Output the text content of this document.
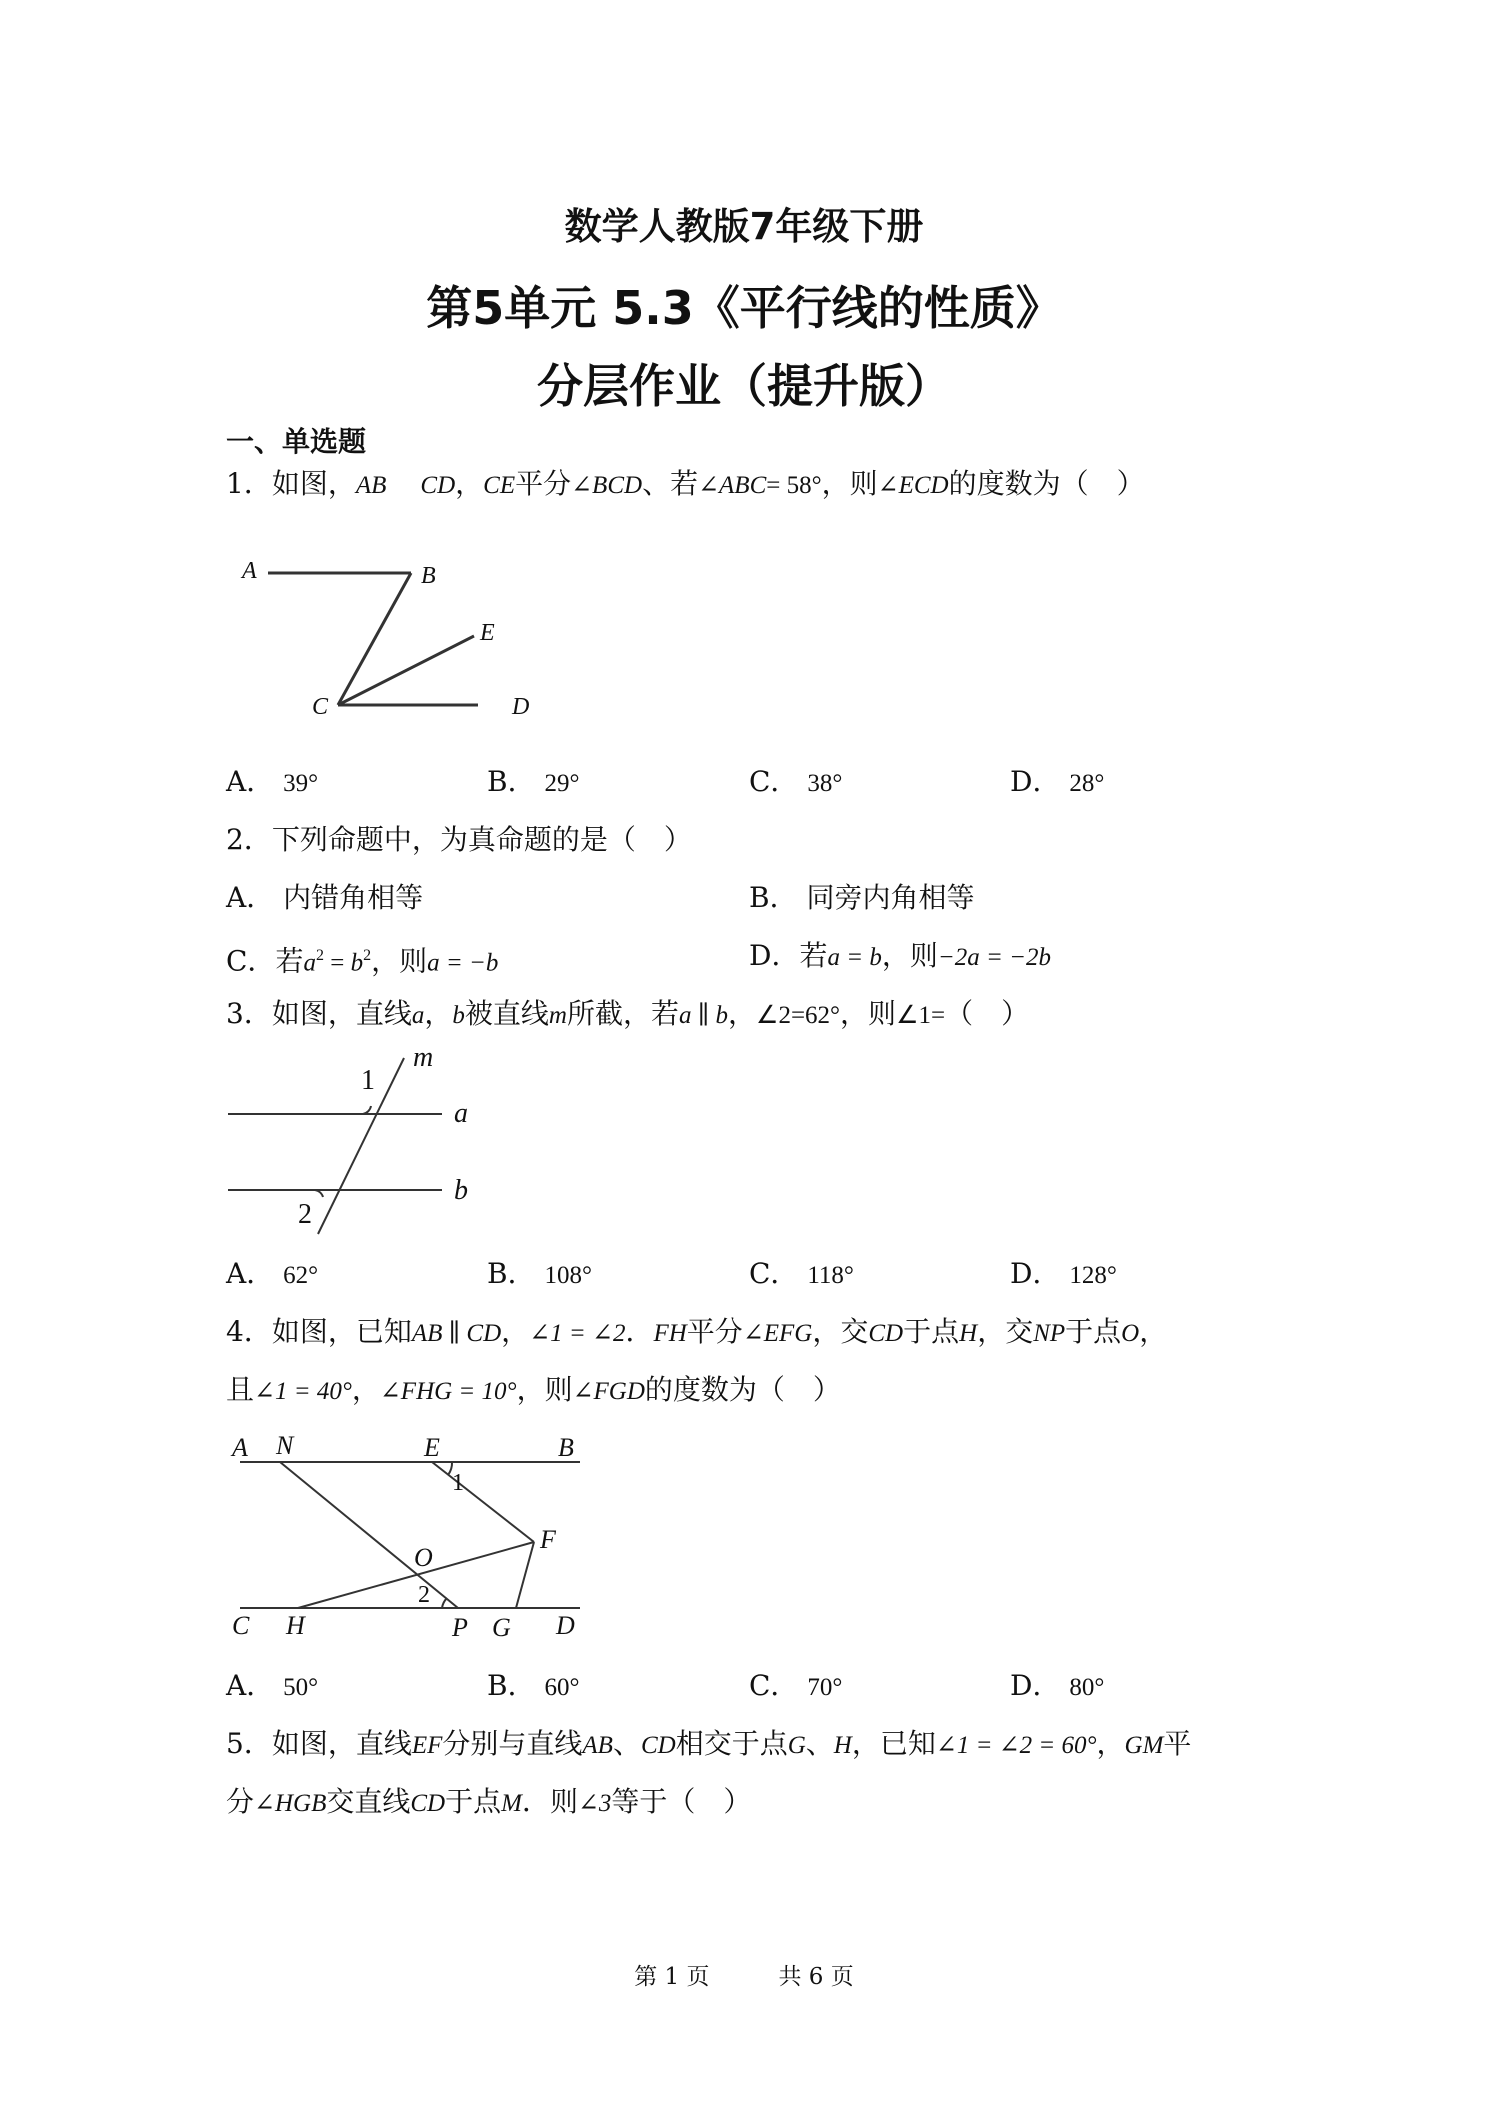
数学人教版7年级下册
第5单元 5.3《平行线的性质》
分层作业（提升版）
一、单选题
1．如图，AB CD，CE平分∠BCD、若∠ABC= 58°，则∠ECD的度数为（　）
A	B
E
C	D
A． 39°	B． 29°	C． 38°	D． 28°
2．下列命题中，为真命题的是（　）
A． 内错角相等	B． 同旁内角相等
C．若$a^2 = b^2$，则a = −b	D．若a = b，则−2a = −2b
3．如图，直线a，b被直线m所截，若a ∥ b，∠2=62°，则∠1=（　）
m
a
b
1
2
A． 62°	B． 108°	C． 118°	D． 128°
4．如图，已知AB ∥ CD，∠1 = ∠2．FH平分∠EFG，交CD于点H，交NP于点O，
且∠1 = 40°，∠FHG = 10°，则∠FGD的度数为（　）
A N	E	B
F
O
C H	P G D
1
2
A． 50°	B． 60°	C． 70°	D． 80°
5．如图，直线EF分别与直线AB、CD相交于点G、H，已知∠1 = ∠2 = 60°，GM平
分∠HGB交直线CD于点M．则∠3等于（　）
第 1 页　　　共 6 页
